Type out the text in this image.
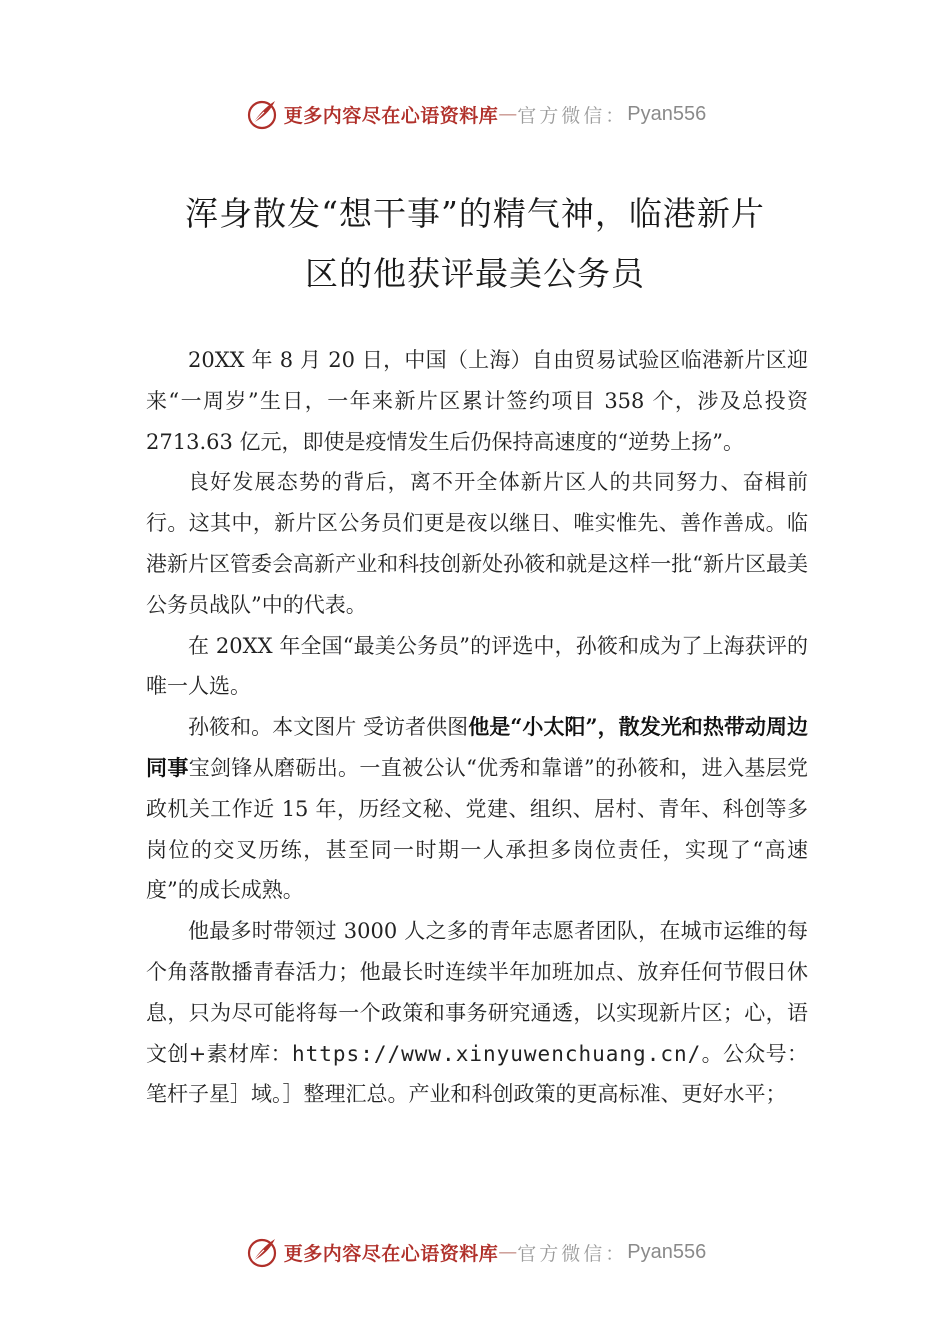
更多内容尽在心语资料库 — 官方微信： Pyan556
浑身散发“想干事”的精气神，临港新片
区的他获评最美公务员

20XX 年 8 月 20 日，中国（上海）自由贸易试验区临港新片区迎来“一周岁”生日，一年来新片区累计签约项目 358 个，涉及总投资 2713.63 亿元，即使是疫情发生后仍保持高速度的“逆势上扬”。

良好发展态势的背后，离不开全体新片区人的共同努力、奋楫前行。这其中，新片区公务员们更是夜以继日、唯实惟先、善作善成。临港新片区管委会高新产业和科技创新处孙筱和就是这样一批“新片区最美公务员战队”中的代表。

在 20XX 年全国“最美公务员”的评选中，孙筱和成为了上海获评的唯一人选。

孙筱和。本文图片 受访者供图他是“小太阳”，散发光和热带动周边同事宝剑锋从磨砺出。一直被公认“优秀和靠谱”的孙筱和，进入基层党政机关工作近 15 年，历经文秘、党建、组织、居村、青年、科创等多岗位的交叉历练，甚至同一时期一人承担多岗位责任，实现了“高速度”的成长成熟。

他最多时带领过 3000 人之多的青年志愿者团队，在城市运维的每个角落散播青春活力；他最长时连续半年加班加点、放弃任何节假日休息，只为尽可能将每一个政策和事务研究通透，以实现新片区；心，语文创+素材库：https://www.xinyuwenchuang.cn/。公众号：笔杆子星］域。］整理汇总。产业和科创政策的更高标准、更好水平；

更多内容尽在心语资料库 — 官方微信： Pyan556
